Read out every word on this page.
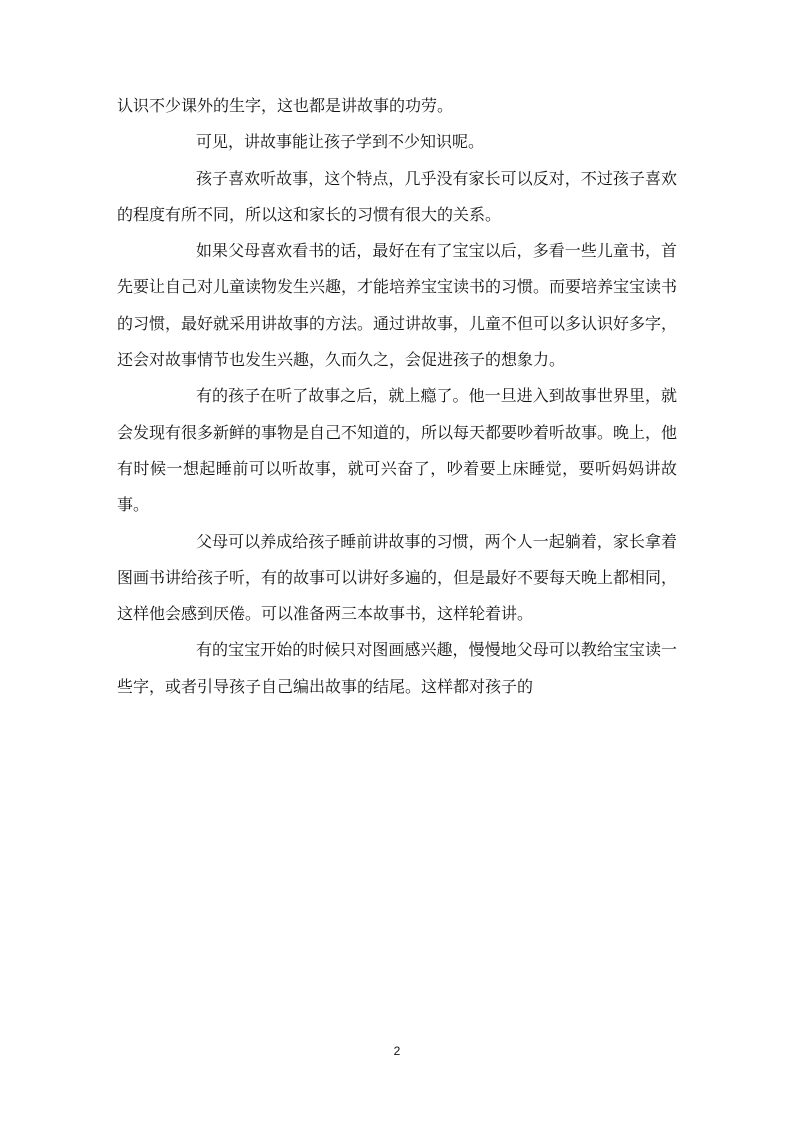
认识不少课外的生字，这也都是讲故事的功劳。

可见，讲故事能让孩子学到不少知识呢。

孩子喜欢听故事，这个特点，几乎没有家长可以反对，不过孩子喜欢的程度有所不同，所以这和家长的习惯有很大的关系。

如果父母喜欢看书的话，最好在有了宝宝以后，多看一些儿童书，首先要让自己对儿童读物发生兴趣，才能培养宝宝读书的习惯。而要培养宝宝读书的习惯，最好就采用讲故事的方法。通过讲故事，儿童不但可以多认识好多字，还会对故事情节也发生兴趣，久而久之，会促进孩子的想象力。

有的孩子在听了故事之后，就上瘾了。他一旦进入到故事世界里，就会发现有很多新鲜的事物是自己不知道的，所以每天都要吵着听故事。晚上，他有时候一想起睡前可以听故事，就可兴奋了，吵着要上床睡觉，要听妈妈讲故事。

父母可以养成给孩子睡前讲故事的习惯，两个人一起躺着，家长拿着图画书讲给孩子听，有的故事可以讲好多遍的，但是最好不要每天晚上都相同，这样他会感到厌倦。可以准备两三本故事书，这样轮着讲。

有的宝宝开始的时候只对图画感兴趣，慢慢地父母可以教给宝宝读一些字，或者引导孩子自己编出故事的结尾。这样都对孩子的

2
